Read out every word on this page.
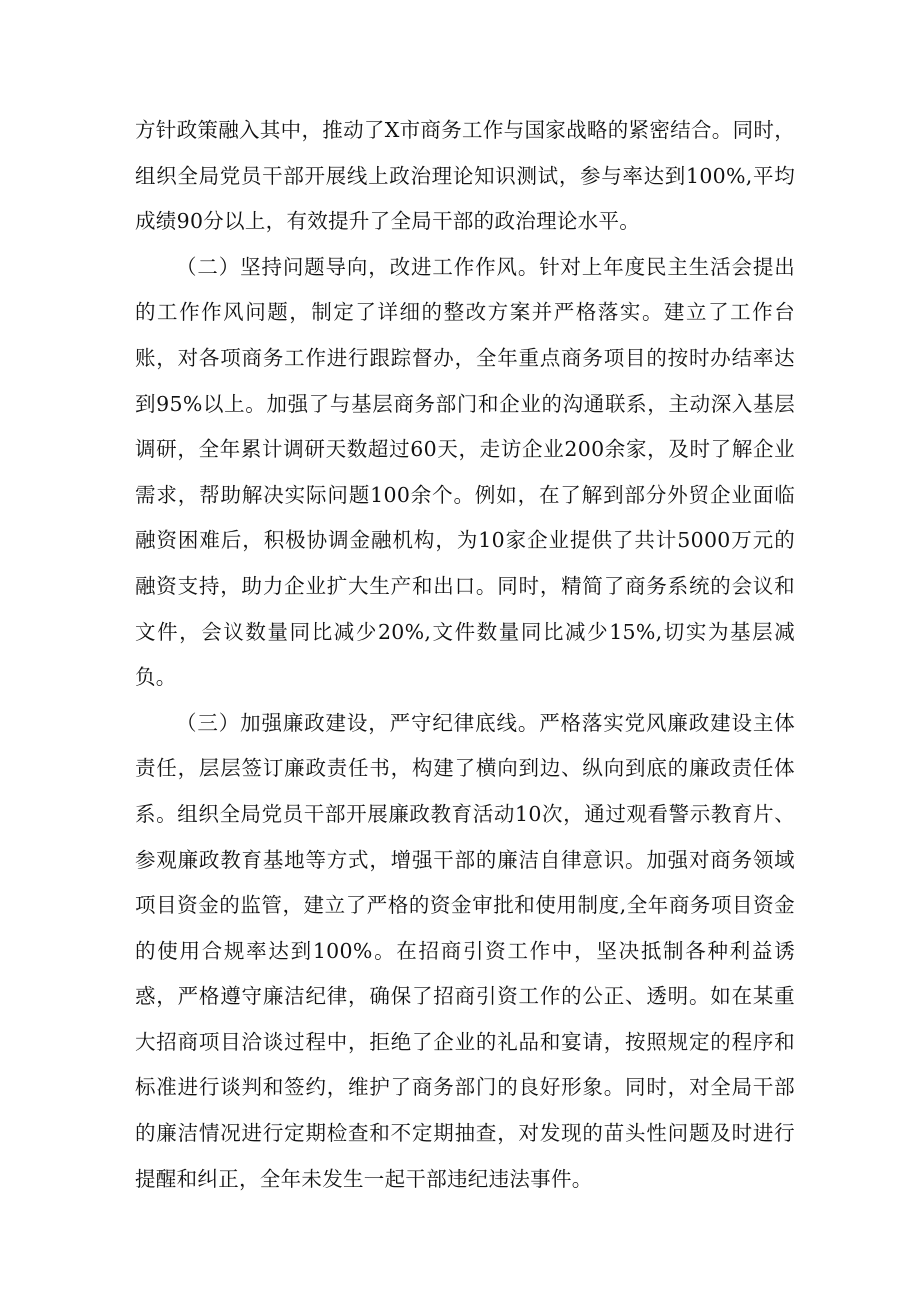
方针政策融入其中，推动了X市商务工作与国家战略的紧密结合。同时，组织全局党员干部开展线上政治理论知识测试，参与率达到100%,平均成绩90分以上，有效提升了全局干部的政治理论水平。

（二）坚持问题导向，改进工作作风。针对上年度民主生活会提出的工作作风问题，制定了详细的整改方案并严格落实。建立了工作台账，对各项商务工作进行跟踪督办，全年重点商务项目的按时办结率达到95%以上。加强了与基层商务部门和企业的沟通联系，主动深入基层调研，全年累计调研天数超过60天，走访企业200余家，及时了解企业需求，帮助解决实际问题100余个。例如，在了解到部分外贸企业面临融资困难后，积极协调金融机构，为10家企业提供了共计5000万元的融资支持，助力企业扩大生产和出口。同时，精简了商务系统的会议和文件，会议数量同比减少20%,文件数量同比减少15%,切实为基层减负。

（三）加强廉政建设，严守纪律底线。严格落实党风廉政建设主体责任，层层签订廉政责任书，构建了横向到边、纵向到底的廉政责任体系。组织全局党员干部开展廉政教育活动10次，通过观看警示教育片、参观廉政教育基地等方式，增强干部的廉洁自律意识。加强对商务领域项目资金的监管，建立了严格的资金审批和使用制度,全年商务项目资金的使用合规率达到100%。在招商引资工作中，坚决抵制各种利益诱惑，严格遵守廉洁纪律，确保了招商引资工作的公正、透明。如在某重大招商项目洽谈过程中，拒绝了企业的礼品和宴请，按照规定的程序和标准进行谈判和签约，维护了商务部门的良好形象。同时，对全局干部的廉洁情况进行定期检查和不定期抽查，对发现的苗头性问题及时进行提醒和纠正，全年未发生一起干部违纪违法事件。
